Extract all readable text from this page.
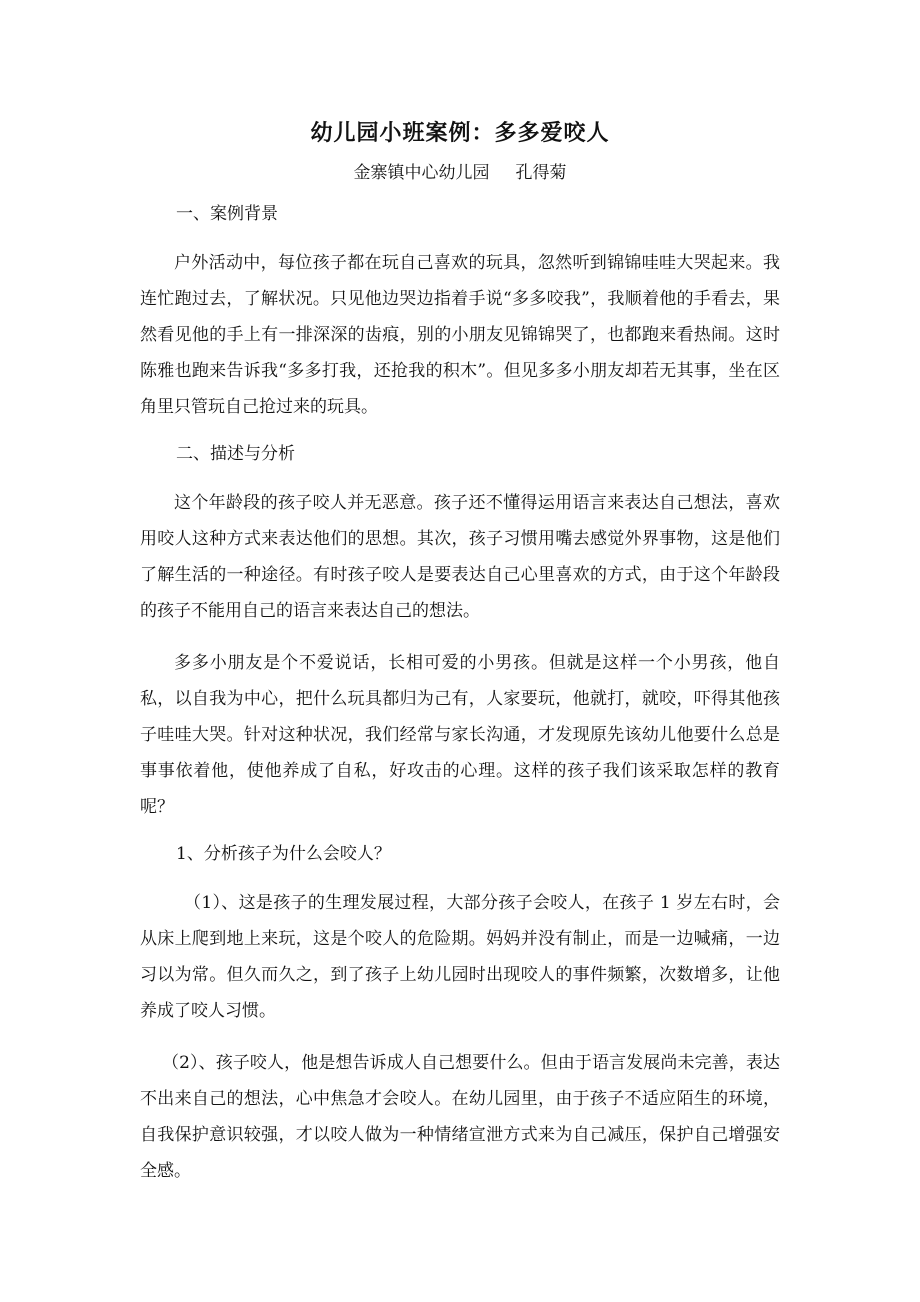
幼儿园小班案例：多多爱咬人
金寨镇中心幼儿园 孔得菊
一、案例背景
户外活动中，每位孩子都在玩自己喜欢的玩具，忽然听到锦锦哇哇大哭起来。我连忙跑过去，了解状况。只见他边哭边指着手说“多多咬我”，我顺着他的手看去，果然看见他的手上有一排深深的齿痕，别的小朋友见锦锦哭了，也都跑来看热闹。这时陈雅也跑来告诉我“多多打我，还抢我的积木”。但见多多小朋友却若无其事，坐在区角里只管玩自己抢过来的玩具。
二、描述与分析
这个年龄段的孩子咬人并无恶意。孩子还不懂得运用语言来表达自己想法，喜欢用咬人这种方式来表达他们的思想。其次，孩子习惯用嘴去感觉外界事物，这是他们了解生活的一种途径。有时孩子咬人是要表达自己心里喜欢的方式，由于这个年龄段的孩子不能用自己的语言来表达自己的想法。
多多小朋友是个不爱说话，长相可爱的小男孩。但就是这样一个小男孩，他自私，以自我为中心，把什么玩具都归为己有，人家要玩，他就打，就咬，吓得其他孩子哇哇大哭。针对这种状况，我们经常与家长沟通，才发现原先该幼儿他要什么总是事事依着他，使他养成了自私，好攻击的心理。这样的孩子我们该采取怎样的教育呢？
1、分析孩子为什么会咬人？
（1）、这是孩子的生理发展过程，大部分孩子会咬人，在孩子 1 岁左右时，会从床上爬到地上来玩，这是个咬人的危险期。妈妈并没有制止，而是一边喊痛，一边习以为常。但久而久之，到了孩子上幼儿园时出现咬人的事件频繁，次数增多，让他养成了咬人习惯。
（2）、孩子咬人，他是想告诉成人自己想要什么。但由于语言发展尚未完善，表达不出来自己的想法，心中焦急才会咬人。在幼儿园里，由于孩子不适应陌生的环境，自我保护意识较强，才以咬人做为一种情绪宣泄方式来为自己减压，保护自己增强安全感。
